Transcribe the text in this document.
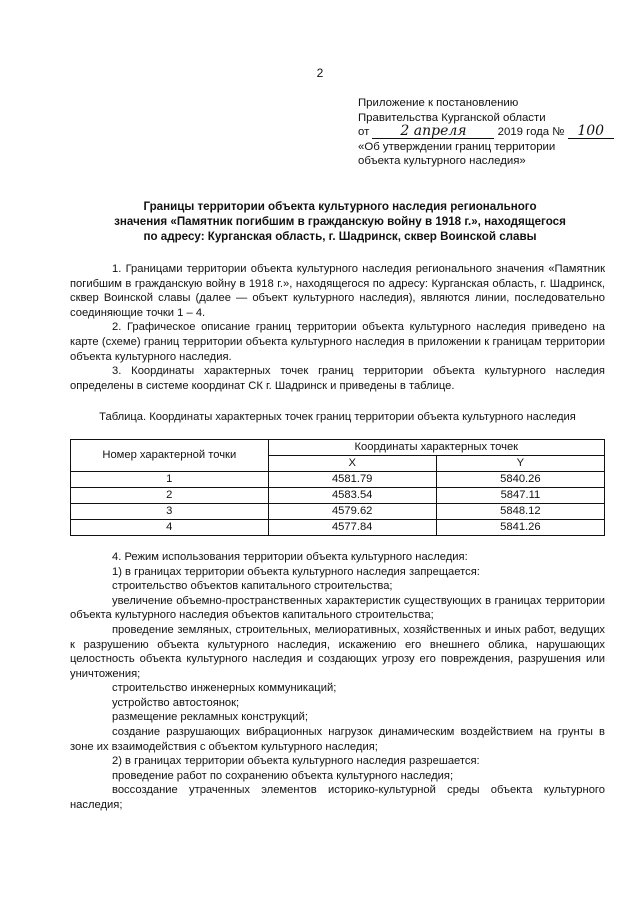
2
Приложение к постановлению
Правительства Курганской области
от 2 апреля	2019 года № 100
«Об утверждении границ территории
объекта культурного наследия»
Границы территории объекта культурного наследия регионального
значения «Памятник погибшим в гражданскую войну в 1918 г.», находящегося
по адресу: Курганская область, г. Шадринск, сквер Воинской славы

1. Границами территории объекта культурного наследия регионального значения «Памятник погибшим в гражданскую войну в 1918 г.», находящегося по адресу: Курганская область, г. Шадринск, сквер Воинской славы (далее — объект культурного наследия), являются линии, последовательно соединяющие точки 1 – 4.

2. Графическое описание границ территории объекта культурного наследия приведено на карте (схеме) границ территории объекта культурного наследия в приложении к границам территории объекта культурного наследия.

3. Координаты характерных точек границ территории объекта культурного наследия определены в системе координат СК г. Шадринск и приведены в таблице.

Таблица. Координаты характерных точек границ территории объекта культурного наследия

Номер характерной точки	Координаты характерных точек	
	X	Y
1	4581.79	5840.26
2	4583.54	5847.11
3	4579.62	5848.12
4	4577.84	5841.26

4. Режим использования территории объекта культурного наследия:

1) в границах территории объекта культурного наследия запрещается:

строительство объектов капитального строительства;

увеличение объемно-пространственных характеристик существующих в границах территории объекта культурного наследия объектов капитального строительства;

проведение земляных, строительных, мелиоративных, хозяйственных и иных работ, ведущих к разрушению объекта культурного наследия, искажению его внешнего облика, нарушающих целостность объекта культурного наследия и создающих угрозу его повреждения, разрушения или уничтожения;

строительство инженерных коммуникаций;

устройство автостоянок;

размещение рекламных конструкций;

создание разрушающих вибрационных нагрузок динамическим воздействием на грунты в зоне их взаимодействия с объектом культурного наследия;

2) в границах территории объекта культурного наследия разрешается:

проведение работ по сохранению объекта культурного наследия;

воссоздание утраченных элементов историко-культурной среды объекта культурного наследия;
